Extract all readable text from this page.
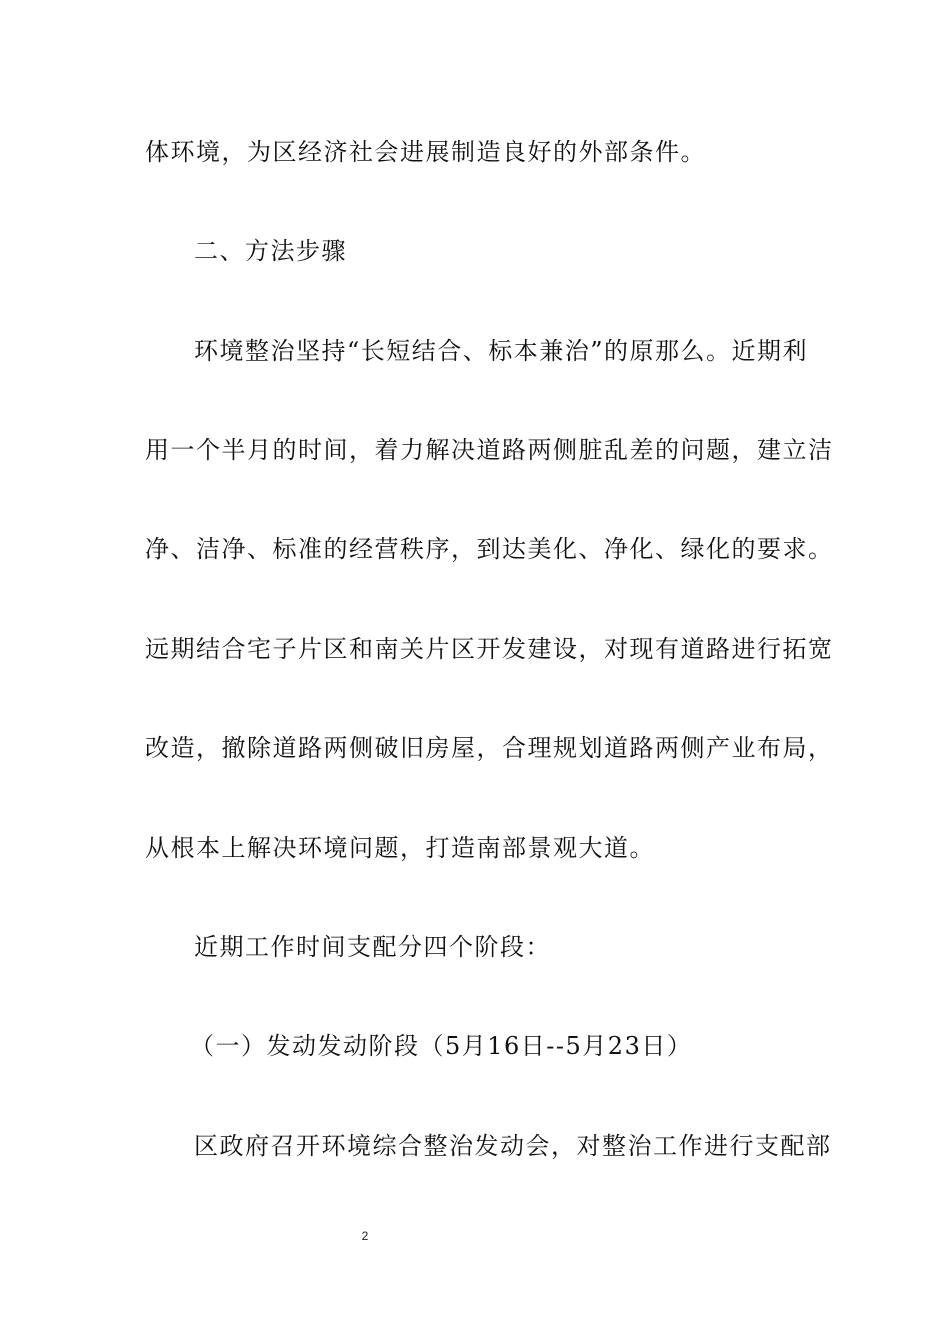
体环境，为区经济社会进展制造良好的外部条件。
二、方法步骤
环境整治坚持“长短结合、标本兼治”的原那么。近期利
用一个半月的时间，着力解决道路两侧脏乱差的问题，建立洁
净、洁净、标准的经营秩序，到达美化、净化、绿化的要求。
远期结合宅子片区和南关片区开发建设，对现有道路进行拓宽
改造，撤除道路两侧破旧房屋，合理规划道路两侧产业布局，
从根本上解决环境问题，打造南部景观大道。
近期工作时间支配分四个阶段：
（一）发动发动阶段（5月16日--5月23日）
区政府召开环境综合整治发动会，对整治工作进行支配部
2
